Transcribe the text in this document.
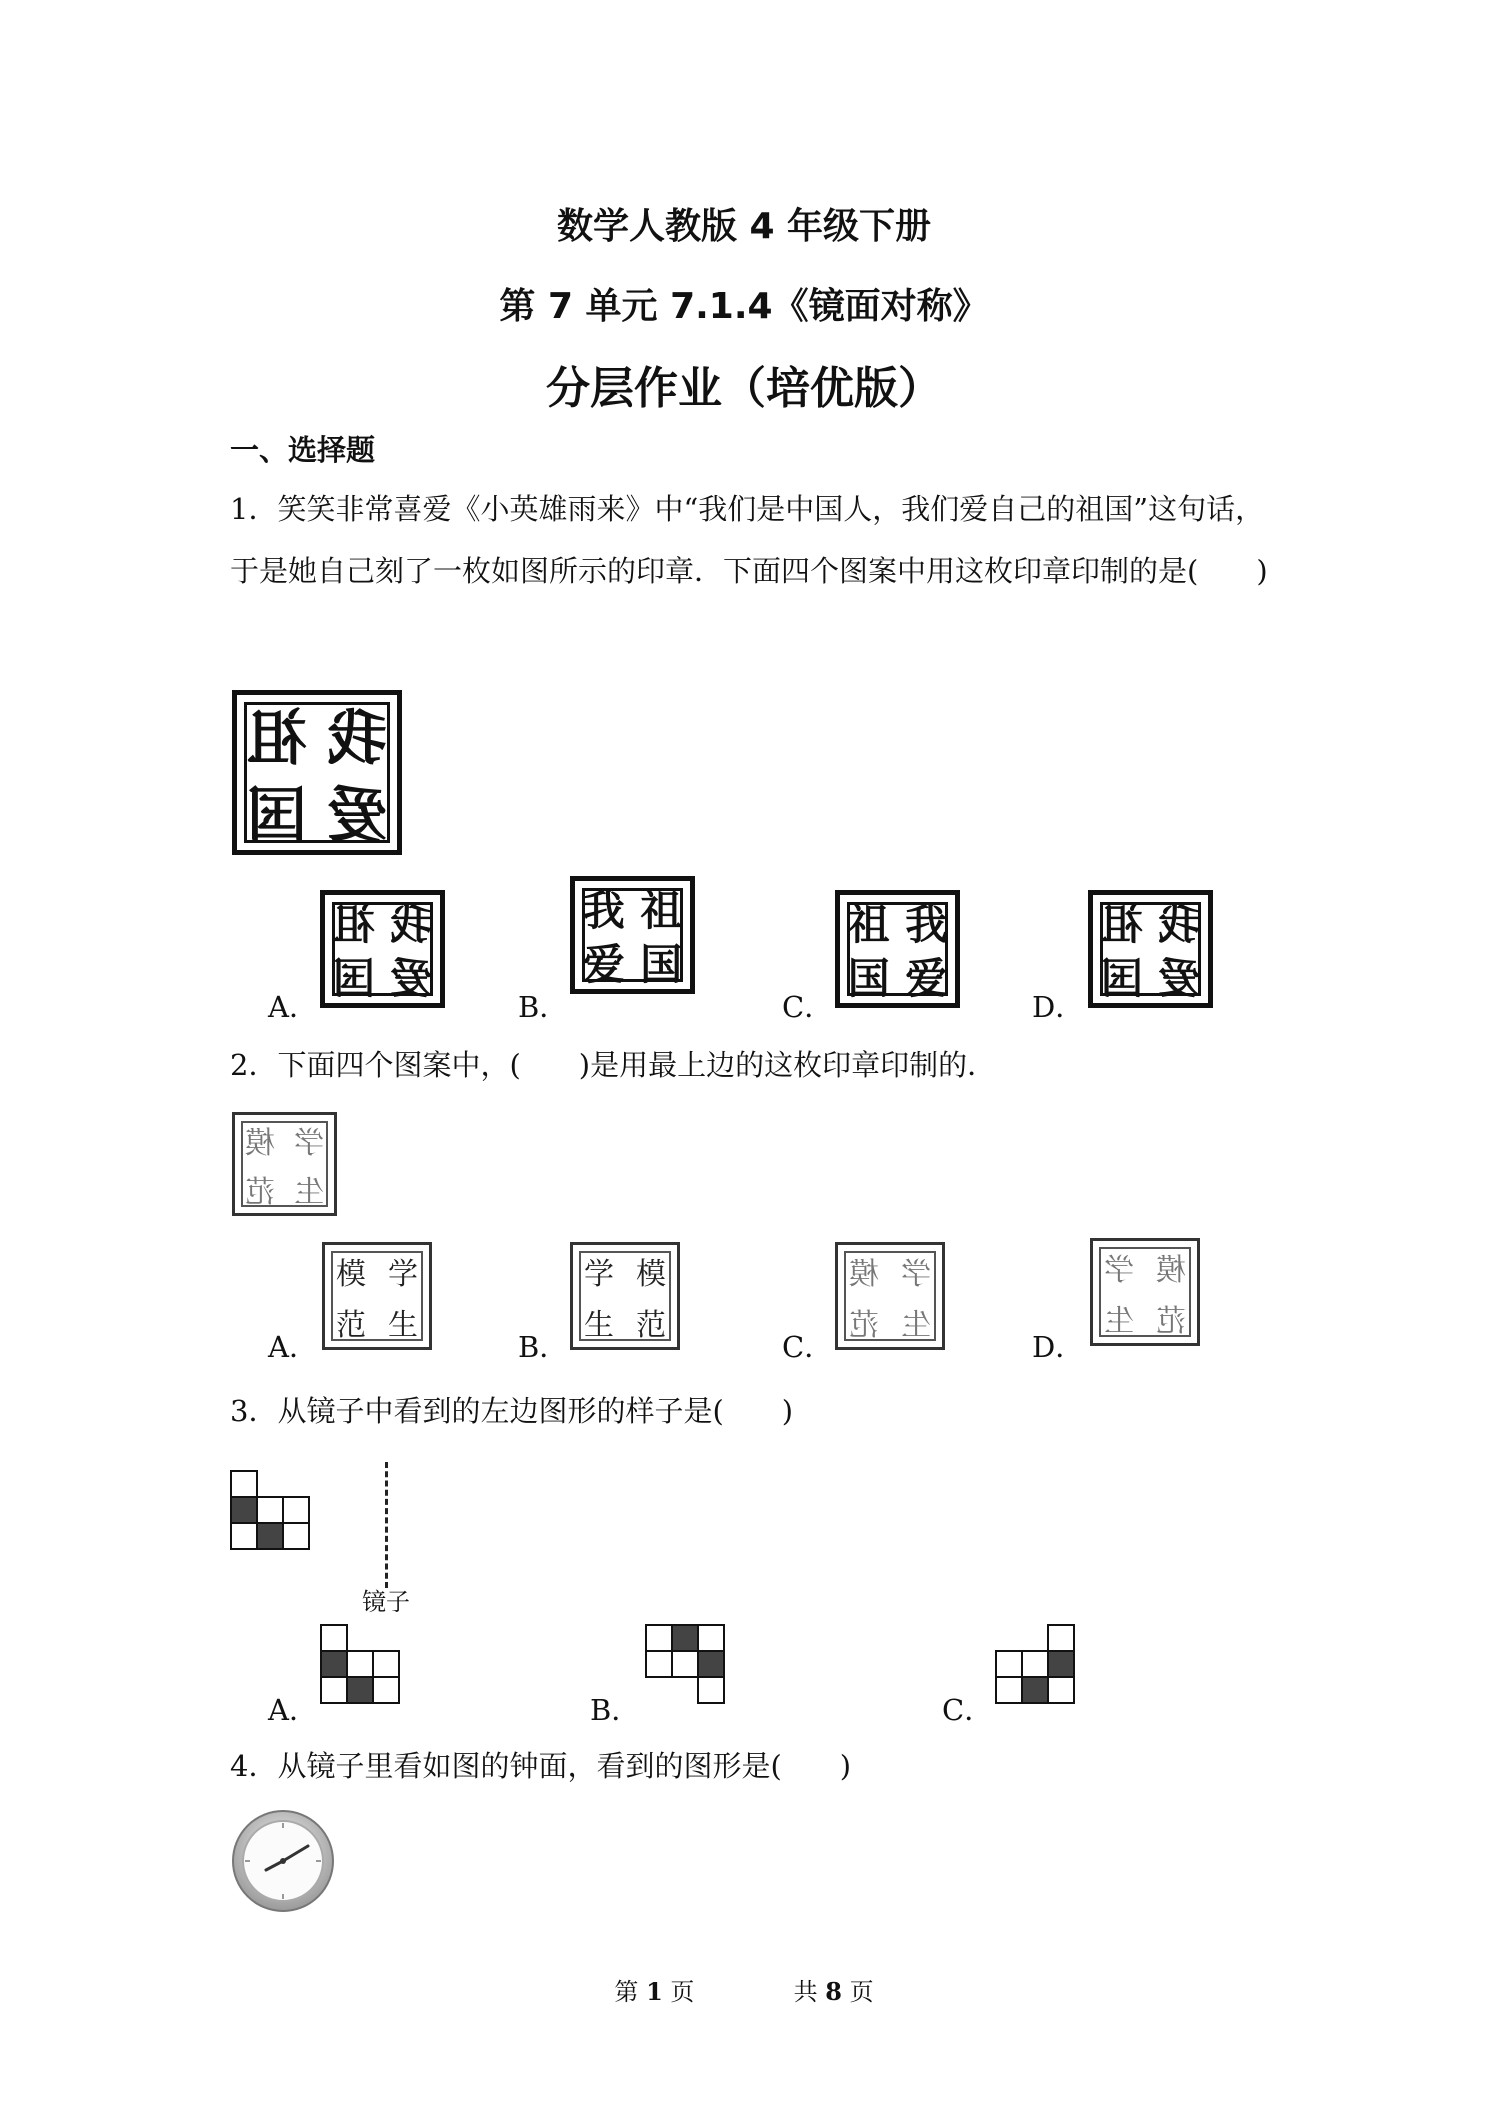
数学人教版 4 年级下册
第 7 单元 7.1.4《镜面对称》
分层作业（培优版）
一、选择题
1．笑笑非常喜爱《小英雄雨来》中“我们是中国人，我们爱自己的祖国”这句话，于是她自己刻了一枚如图所示的印章．下面四个图案中用这枚印章印制的是(　　)
祖 我
国 爱
A．
祖 我
国 爱
B．
我 祖
爱 国
C．
祖 我
国 爱
D．
祖 我
国 爱
2．下面四个图案中，(　　)是用最上边的这枚印章印制的．
模 学
范 生
A．
模 学
范 生
B．
学 模
生 范
C．
模 学
范 生
D．
学 模
生 范
3．从镜子中看到的左边图形的样子是(　　)
镜子
A．	B．	C．
4．从镜子里看如图的钟面，看到的图形是(　　)
第 1 页	共 8 页
